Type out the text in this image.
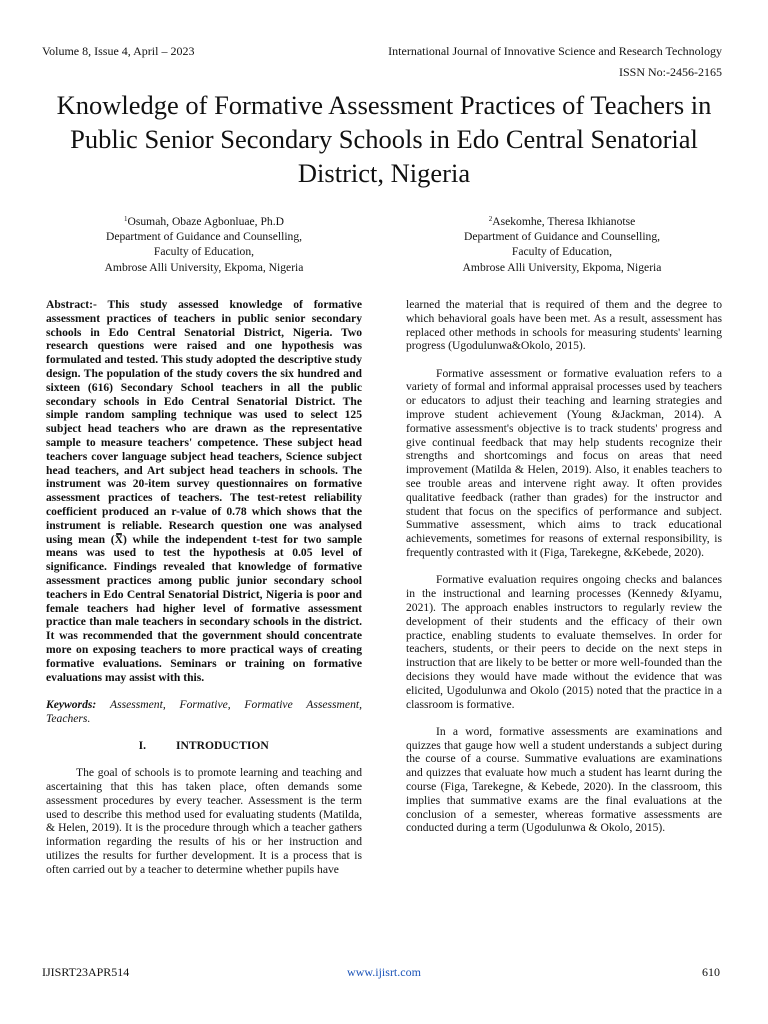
Volume 8, Issue 4, April – 2023	International Journal of Innovative Science and Research Technology
ISSN No:-2456-2165
Knowledge of Formative Assessment Practices of Teachers in Public Senior Secondary Schools in Edo Central Senatorial District, Nigeria
$^1$Osumah, Obaze Agbonluae, Ph.D
Department of Guidance and Counselling,
Faculty of Education,
Ambrose Alli University, Ekpoma, Nigeria
$^2$Asekomhe, Theresa Ikhianotse
Department of Guidance and Counselling,
Faculty of Education,
Ambrose Alli University, Ekpoma, Nigeria

Abstract:- This study assessed knowledge of formative assessment practices of teachers in public senior secondary schools in Edo Central Senatorial District, Nigeria. Two research questions were raised and one hypothesis was formulated and tested. This study adopted the descriptive study design. The population of the study covers the six hundred and sixteen (616) Secondary School teachers in all the public secondary schools in Edo Central Senatorial District. The simple random sampling technique was used to select 125 subject head teachers who are drawn as the representative sample to measure teachers' competence. These subject head teachers cover language subject head teachers, Science subject head teachers, and Art subject head teachers in schools. The instrument was 20-item survey questionnaires on formative assessment practices of teachers. The test-retest reliability coefficient produced an r-value of 0.78 which shows that the instrument is reliable. Research question one was analysed using mean (X̿) while the independent t-test for two sample means was used to test the hypothesis at 0.05 level of significance. Findings revealed that knowledge of formative assessment practices among public junior secondary school teachers in Edo Central Senatorial District, Nigeria is poor and female teachers had higher level of formative assessment practice than male teachers in secondary schools in the district. It was recommended that the government should concentrate more on exposing teachers to more practical ways of creating formative evaluations. Seminars or training on formative evaluations may assist with this.

Keywords: Assessment, Formative, Formative Assessment, Teachers.

I.	INTRODUCTION

The goal of schools is to promote learning and teaching and ascertaining that this has taken place, often demands some assessment procedures by every teacher. Assessment is the term used to describe this method used for evaluating students (Matilda, & Helen, 2019). It is the procedure through which a teacher gathers information regarding the results of his or her instruction and utilizes the results for further development. It is a process that is often carried out by a teacher to determine whether pupils have

learned the material that is required of them and the degree to which behavioral goals have been met. As a result, assessment has replaced other methods in schools for measuring students' learning progress (Ugodulunwa&Okolo, 2015).

Formative assessment or formative evaluation refers to a variety of formal and informal appraisal processes used by teachers or educators to adjust their teaching and learning strategies and improve student achievement (Young &Jackman, 2014). A formative assessment's objective is to track students' progress and give continual feedback that may help students recognize their strengths and shortcomings and focus on areas that need improvement (Matilda & Helen, 2019). Also, it enables teachers to see trouble areas and intervene right away. It often provides qualitative feedback (rather than grades) for the instructor and student that focus on the specifics of performance and subject. Summative assessment, which aims to track educational achievements, sometimes for reasons of external responsibility, is frequently contrasted with it (Figa, Tarekegne, &Kebede, 2020).

Formative evaluation requires ongoing checks and balances in the instructional and learning processes (Kennedy &Iyamu, 2021). The approach enables instructors to regularly review the development of their students and the efficacy of their own practice, enabling students to evaluate themselves. In order for teachers, students, or their peers to decide on the next steps in instruction that are likely to be better or more well-founded than the decisions they would have made without the evidence that was elicited, Ugodulunwa and Okolo (2015) noted that the practice in a classroom is formative.

In a word, formative assessments are examinations and quizzes that gauge how well a student understands a subject during the course of a course. Summative evaluations are examinations and quizzes that evaluate how much a student has learnt during the course (Figa, Tarekegne, & Kebede, 2020). In the classroom, this implies that summative exams are the final evaluations at the conclusion of a semester, whereas formative assessments are conducted during a term (Ugodulunwa & Okolo, 2015).

IJISRT23APR514	www.ijisrt.com	610
